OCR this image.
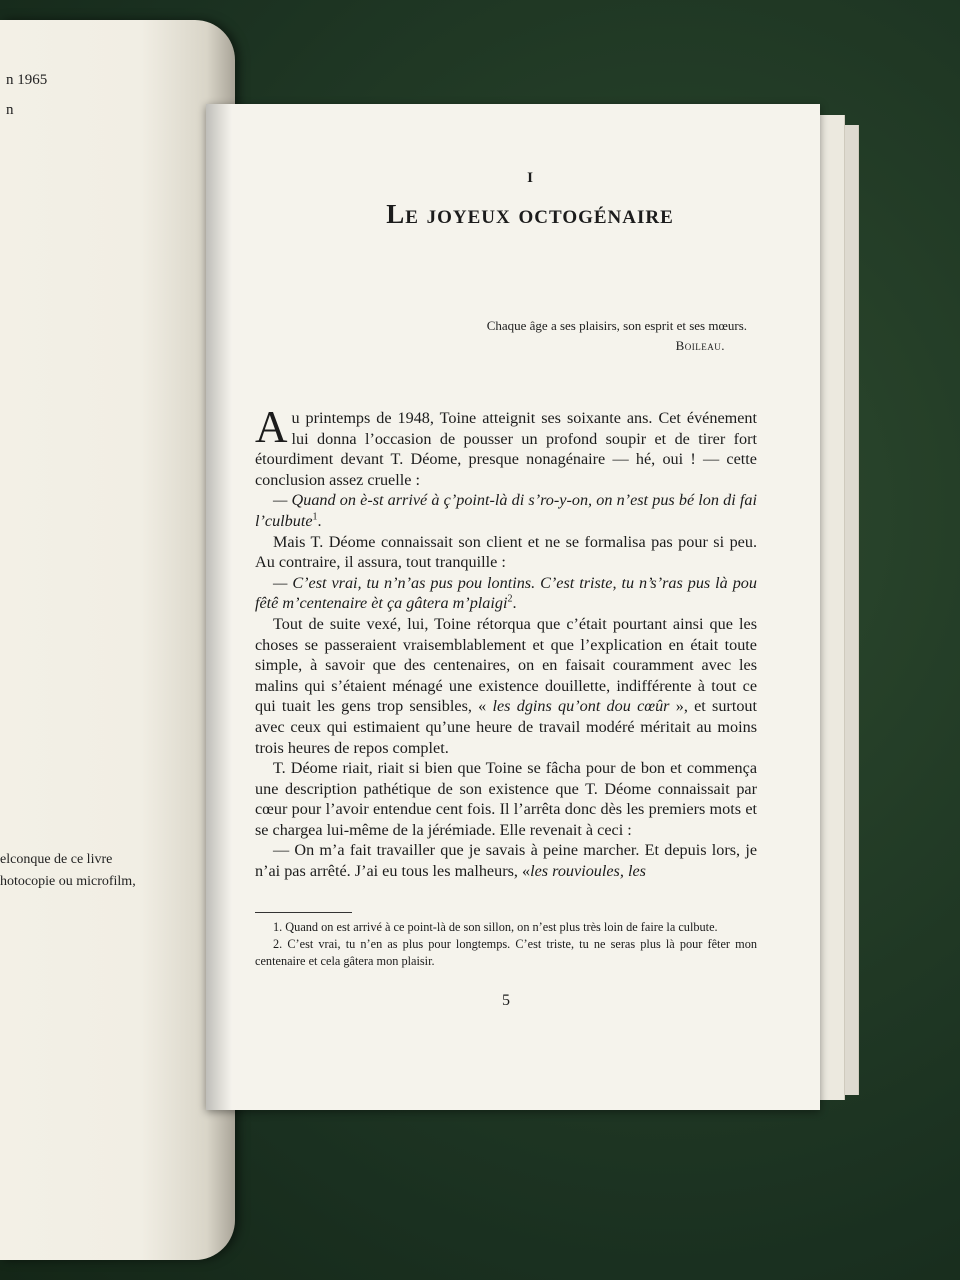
n 1965
n
elconque de ce livre
hotocopie ou microfilm,
I
Le joyeux octogénaire
Chaque âge a ses plaisirs, son esprit et ses mœurs.
Boileau.

Au printemps de 1948, Toine atteignit ses soixante ans. Cet événement lui donna l’occasion de pousser un profond soupir et de tirer fort étourdiment devant T. Déome, presque nonagénaire — hé, oui ! — cette conclusion assez cruelle :

— Quand on è-st arrivé à ç’point-là di s’ro-y-on, on n’est pus bé lon di fai l’culbute$^1$.

Mais T. Déome connaissait son client et ne se formalisa pas pour si peu. Au contraire, il assura, tout tranquille :

— C’est vrai, tu n’n’as pus pou lontins. C’est triste, tu n’s’ras pus là pou fêtê m’centenaire èt ça gâtera m’plaigi$^2$.

Tout de suite vexé, lui, Toine rétorqua que c’était pourtant ainsi que les choses se passeraient vraisemblablement et que l’explication en était toute simple, à savoir que des centenaires, on en faisait couramment avec les malins qui s’étaient ménagé une existence douillette, indifférente à tout ce qui tuait les gens trop sensibles, « les dgins qu’ont dou cœûr », et surtout avec ceux qui estimaient qu’une heure de travail modéré méritait au moins trois heures de repos complet.

T. Déome riait, riait si bien que Toine se fâcha pour de bon et commença une description pathétique de son existence que T. Déome connaissait par cœur pour l’avoir entendue cent fois. Il l’arrêta donc dès les premiers mots et se chargea lui-même de la jérémiade. Elle revenait à ceci :

— On m’a fait travailler que je savais à peine marcher. Et depuis lors, je n’ai pas arrêté. J’ai eu tous les malheurs, «les rouvioules, les

1. Quand on est arrivé à ce point-là de son sillon, on n’est plus très loin de faire la culbute.

2. C’est vrai, tu n’en as plus pour longtemps. C’est triste, tu ne seras plus là pour fêter mon centenaire et cela gâtera mon plaisir.

5
